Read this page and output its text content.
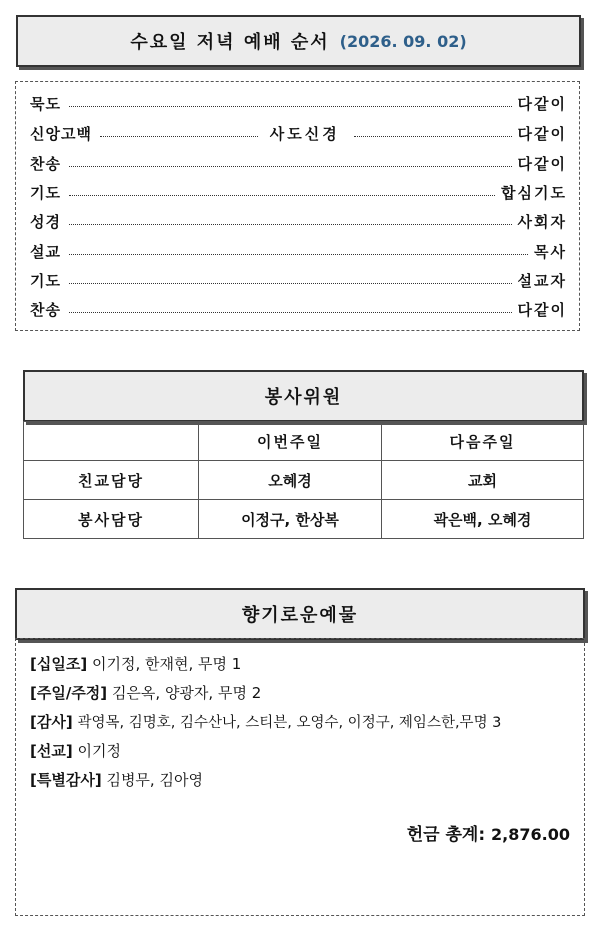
수요일 저녁 예배 순서 (2026. 09. 02)
묵도	다같이
신앙고백	사도신경	다같이
찬송	다같이
기도	합심기도
성경	사회자
설교	목사
기도	설교자
찬송	다같이
봉사위원
	이번주일	다음주일
친교담당	오혜경	교회
봉사담당	이정구, 한상복	곽은백, 오혜경
향기로운예물
[십일조] 이기정, 한재현, 무명 1
[주일/주정] 김은옥, 양광자, 무명 2
[감사] 곽영목, 김명호, 김수산나, 스티븐, 오영수, 이정구, 제임스한,무명 3
[선교] 이기정
[특별감사] 김병무, 김아영
헌금 총계: 2,876.00
